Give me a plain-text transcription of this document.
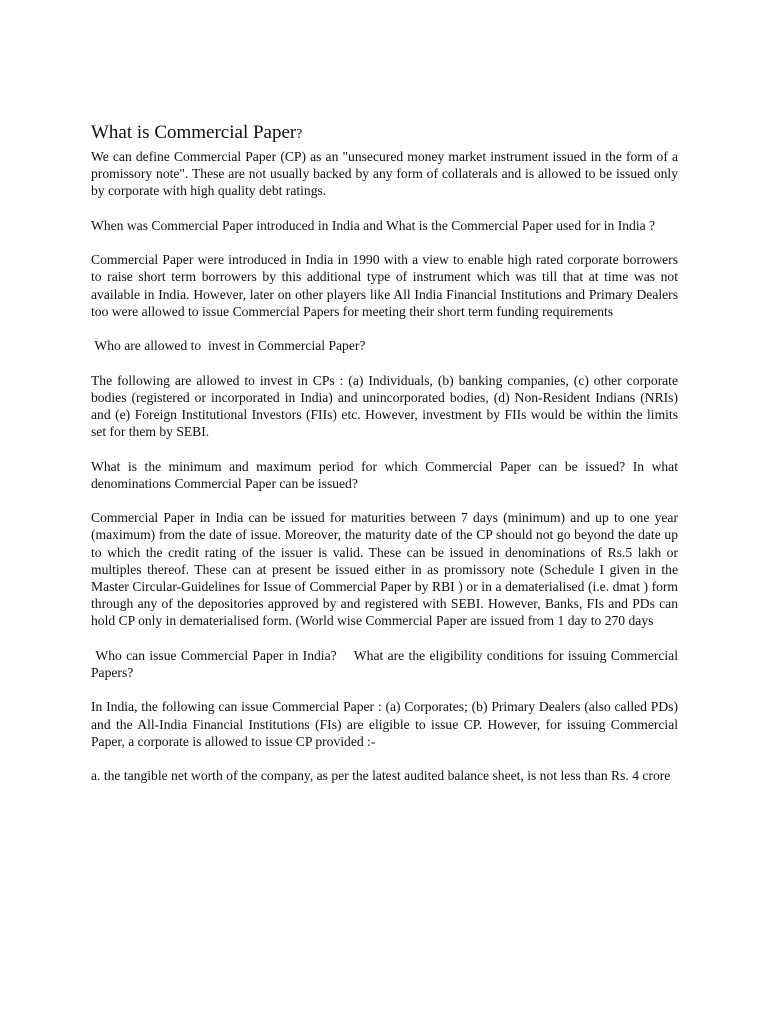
What is Commercial Paper?

We can define Commercial Paper (CP) as an "unsecured money market instrument issued in the form of a promissory note". These are not usually backed by any form of collaterals and is allowed to be issued only by corporate with high quality debt ratings.

When was Commercial Paper introduced in India and What is the Commercial Paper used for in India ?

Commercial Paper were introduced in India in 1990 with a view to enable high rated corporate borrowers to raise short term borrowers by this additional type of instrument which was till that at time was not available in India. However, later on other players like All India Financial Institutions and Primary Dealers too were allowed to issue Commercial Papers for meeting their short term funding requirements

Who are allowed to  invest in Commercial Paper?

The following are allowed to invest in CPs : (a) Individuals, (b) banking companies, (c) other corporate bodies (registered or incorporated in India) and unincorporated bodies, (d) Non-Resident Indians (NRIs) and (e) Foreign Institutional Investors (FIIs) etc. However, investment by FIIs would be within the limits set for them by SEBI.

What is the minimum and maximum period for which Commercial Paper can be issued? In what denominations Commercial Paper can be issued?

Commercial Paper in India can be issued for maturities between 7 days (minimum) and up to one year (maximum) from the date of issue. Moreover, the maturity date of the CP should not go beyond the date up to which the credit rating of the issuer is valid. These can be issued in denominations of Rs.5 lakh or multiples thereof. These can at present be issued either in as promissory note (Schedule I given in the Master Circular-Guidelines for Issue of Commercial Paper by RBI ) or in a dematerialised (i.e. dmat ) form through any of the depositories approved by and registered with SEBI. However, Banks, FIs and PDs can hold CP only in dematerialised form. (World wise Commercial Paper are issued from 1 day to 270 days

Who can issue Commercial Paper in India?    What are the eligibility conditions for issuing Commercial Papers?

In India, the following can issue Commercial Paper : (a) Corporates; (b) Primary Dealers (also called PDs) and the All-India Financial Institutions (FIs) are eligible to issue CP. However, for issuing Commercial Paper, a corporate is allowed to issue CP provided :-

a. the tangible net worth of the company, as per the latest audited balance sheet, is not less than Rs. 4 crore
